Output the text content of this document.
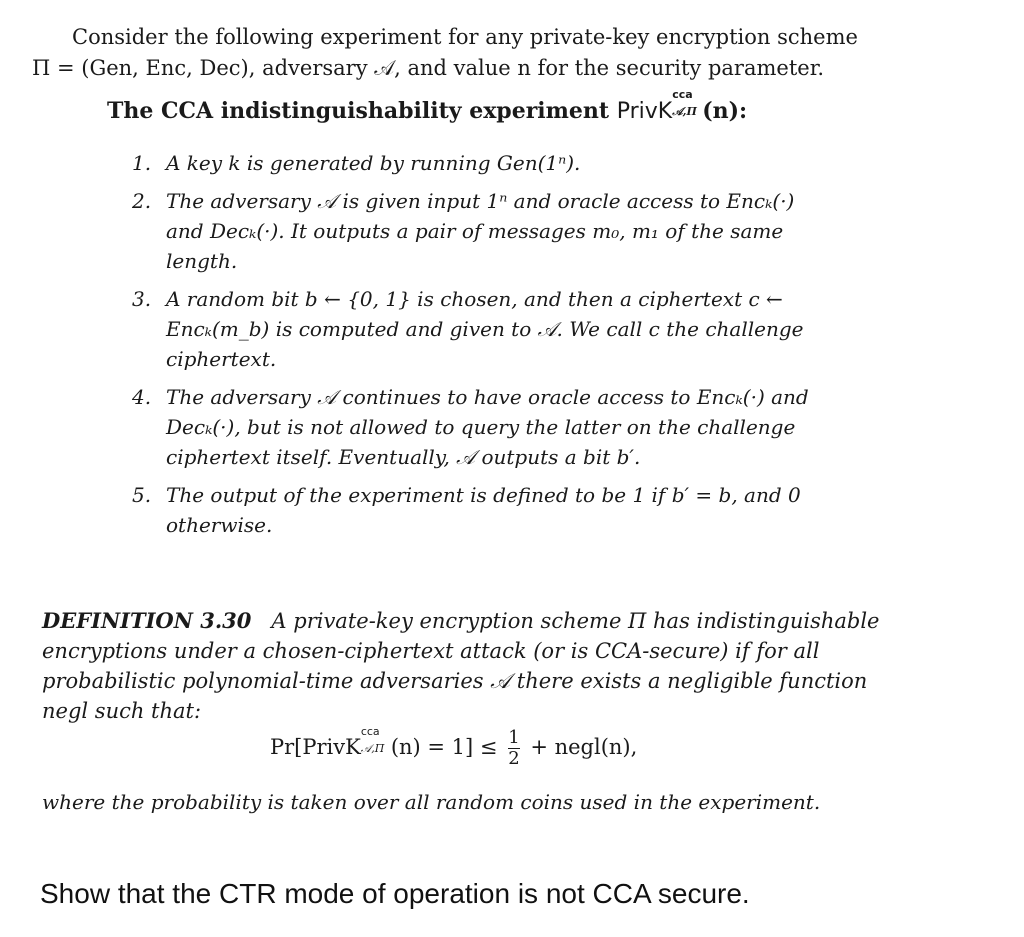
Consider the following experiment for any private-key encryption scheme
Π = (Gen, Enc, Dec), adversary 𝒜, and value n for the security parameter.
The CCA indistinguishability experiment PrivK
cca
𝒜,Π (n):
1. A key k is generated by running Gen(1ⁿ).
2. The adversary 𝒜 is given input 1ⁿ and oracle access to Encₖ(·) and Decₖ(·). It outputs a pair of messages m₀, m₁ of the same length.
3. A random bit b ← {0, 1} is chosen, and then a ciphertext c ← Encₖ(m_b) is computed and given to 𝒜. We call c the challenge ciphertext.
4. The adversary 𝒜 continues to have oracle access to Encₖ(·) and Decₖ(·), but is not allowed to query the latter on the challenge ciphertext itself. Eventually, 𝒜 outputs a bit b′.
5. The output of the experiment is defined to be 1 if b′ = b, and 0 otherwise.
DEFINITION 3.30 A private-key encryption scheme Π has indistinguishable encryptions under a chosen-ciphertext attack (or is CCA-secure) if for all probabilistic polynomial-time adversaries 𝒜 there exists a negligible function negl such that:
Pr[PrivK
cca
𝒜,Π $(n) = 1] \le \frac{1}{2}$ + negl(n),
where the probability is taken over all random coins used in the experiment.
Show that the CTR mode of operation is not CCA secure.
